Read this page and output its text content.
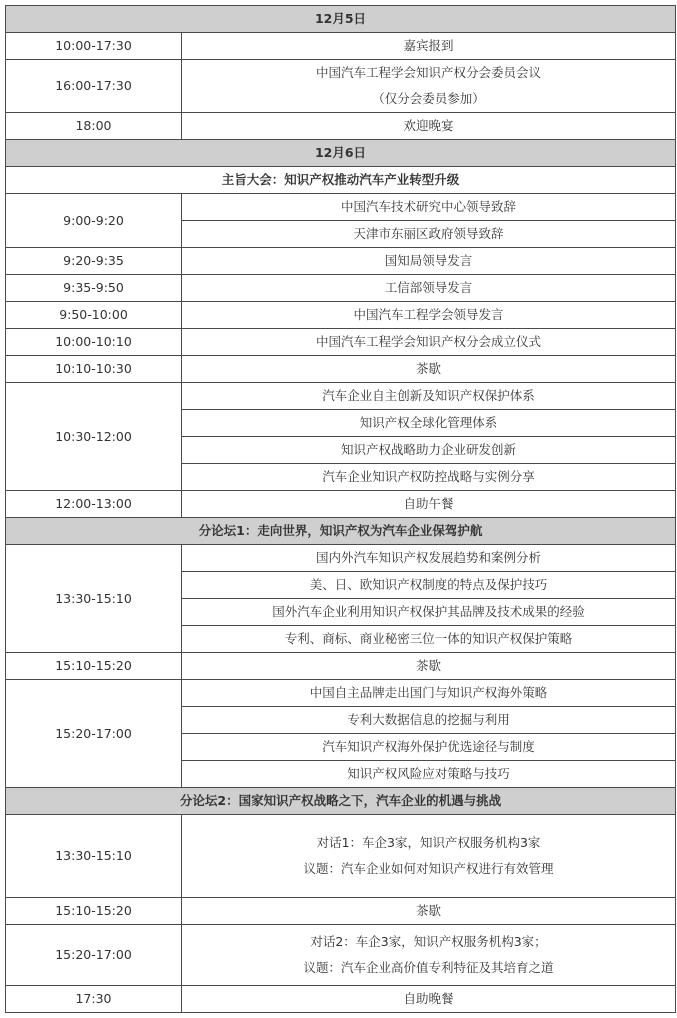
12月5日	
10:00-17:30	嘉宾报到
16:00-17:30	中国汽车工程学会知识产权分会委员会议
（仅分会委员参加）

18:00	欢迎晚宴
12月6日	
主旨大会：知识产权推动汽车产业转型升级	
9:00-9:20	中国汽车技术研究中心领导致辞
	天津市东丽区政府领导致辞
9:20-9:35	国知局领导发言
9:35-9:50	工信部领导发言
9:50-10:00	中国汽车工程学会领导发言
10:00-10:10	中国汽车工程学会知识产权分会成立仪式
10:10-10:30	茶歇
10:30-12:00	汽车企业自主创新及知识产权保护体系
	知识产权全球化管理体系
	知识产权战略助力企业研发创新
	汽车企业知识产权防控战略与实例分享
12:00-13:00	自助午餐
分论坛1：走向世界，知识产权为汽车企业保驾护航	
13:30-15:10	国内外汽车知识产权发展趋势和案例分析
	美、日、欧知识产权制度的特点及保护技巧
	国外汽车企业利用知识产权保护其品牌及技术成果的经验
	专利、商标、商业秘密三位一体的知识产权保护策略
15:10-15:20	茶歇
15:20-17:00	中国自主品牌走出国门与知识产权海外策略
	专利大数据信息的挖掘与利用
	汽车知识产权海外保护优选途径与制度
	知识产权风险应对策略与技巧
分论坛2：国家知识产权战略之下，汽车企业的机遇与挑战	
13:30-15:10	对话1：车企3家，知识产权服务机构3家
议题：汽车企业如何对知识产权进行有效管理

15:10-15:20	茶歇
15:20-17:00	对话2：车企3家，知识产权服务机构3家；
议题：汽车企业高价值专利特征及其培育之道

17:30	自助晚餐
